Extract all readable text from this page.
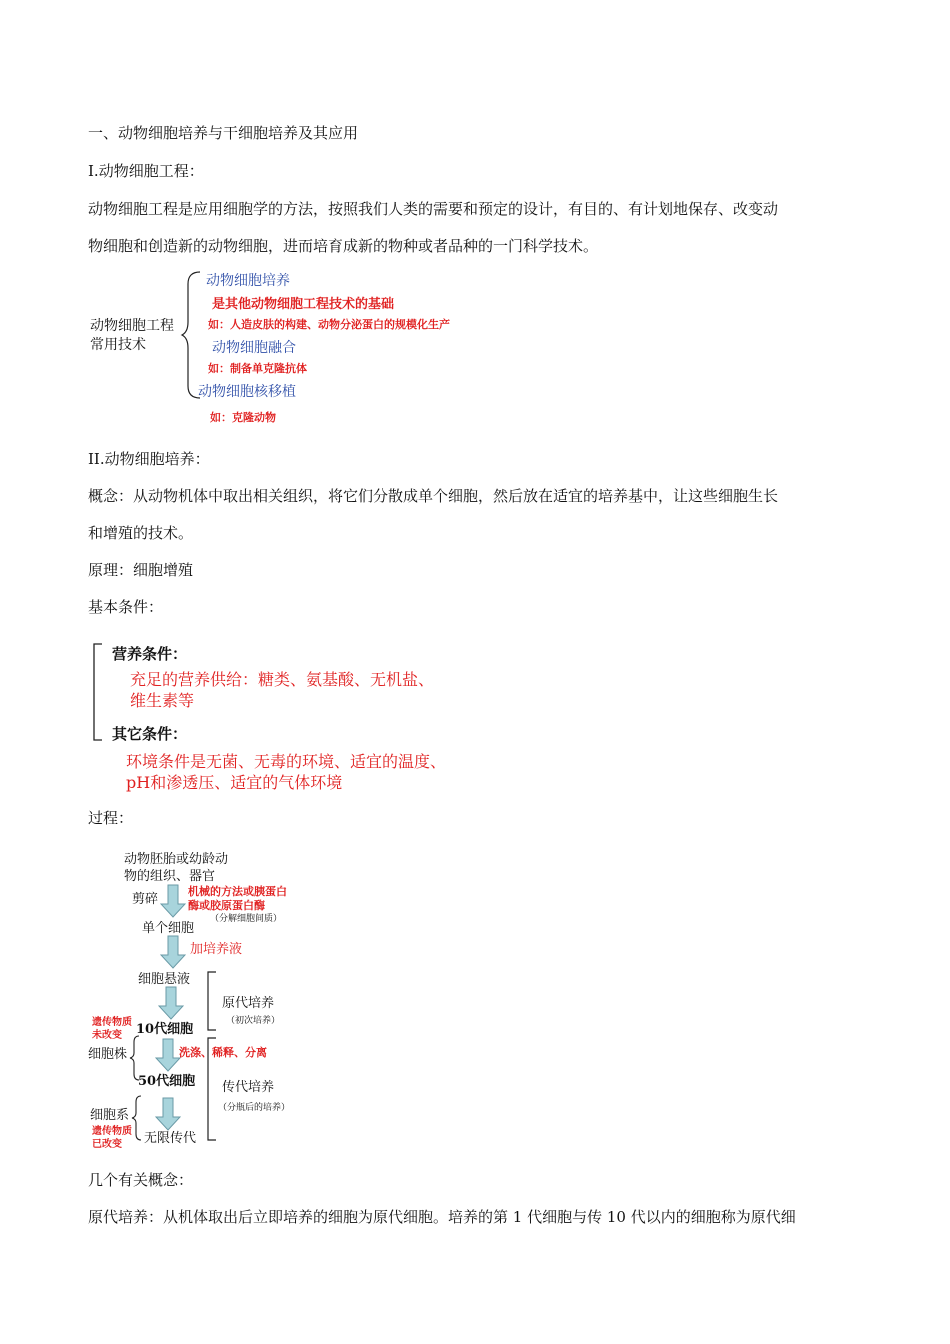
一、动物细胞培养与干细胞培养及其应用
I.动物细胞工程：
动物细胞工程是应用细胞学的方法，按照我们人类的需要和预定的设计，有目的、有计划地保存、改变动
物细胞和创造新的动物细胞，进而培育成新的物种或者品种的一门科学技术。
动物细胞工程
常用技术
动物细胞培养
是其他动物细胞工程技术的基础
如：人造皮肤的构建、动物分泌蛋白的规模化生产
动物细胞融合
如：制备单克隆抗体
动物细胞核移植
如：克隆动物
II.动物细胞培养：
概念：从动物机体中取出相关组织，将它们分散成单个细胞，然后放在适宜的培养基中，让这些细胞生长
和增殖的技术。
原理：细胞增殖
基本条件：
营养条件：
充足的营养供给：糖类、氨基酸、无机盐、
维生素等
其它条件：
环境条件是无菌、无毒的环境、适宜的温度、
pH和渗透压、适宜的气体环境
过程：
动物胚胎或幼龄动
物的组织、器官
剪碎
机械的方法或胰蛋白
酶或胶原蛋白酶
（分解细胞间质）
单个细胞
加培养液
细胞悬液
原代培养
（初次培养）
遗传物质
未改变 10代细胞
细胞株	洗涤、稀释、分离
50代细胞 传代培养
（分瓶后的培养）
细胞系
遗传物质
已改变 无限传代
几个有关概念：
原代培养：从机体取出后立即培养的细胞为原代细胞。培养的第 1 代细胞与传 10 代以内的细胞称为原代细
